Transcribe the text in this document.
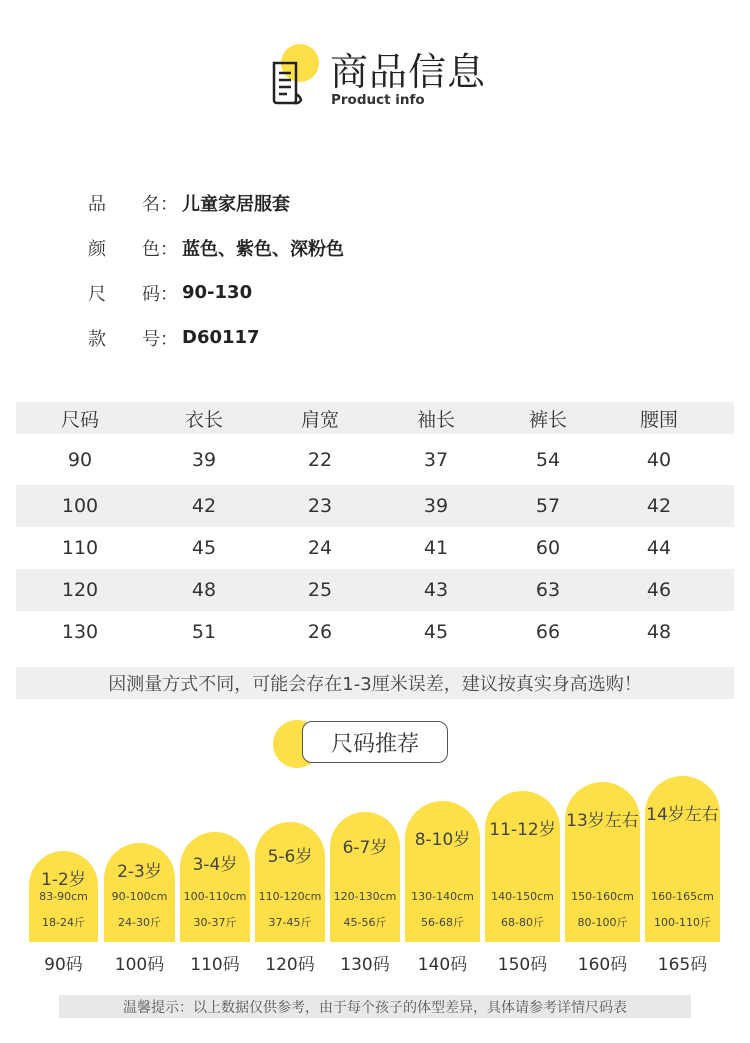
商品信息
Product info
品 名： 儿童家居服套
颜 色： 蓝色、紫色、深粉色
尺 码： 90-130
款 号： D60117
尺码	衣长	肩宽	袖长	裤长	腰围
90	39	22	37	54	40
100	42	23	39	57	42
110	45	24	41	60	44
120	48	25	43	63	46
130	51	26	45	66	48
因测量方式不同，可能会存在1-3厘米误差，建议按真实身高选购！
尺码推荐
1-2岁	2-3岁	3-4岁	5-6岁	6-7岁	8-10岁	11-12岁 13岁左右 14岁左右
83-90cm	90-100cm	100-110cm	110-120cm	120-130cm	130-140cm	140-150cm	150-160cm	160-165cm
18-24斤	24-30斤	30-37斤	37-45斤	45-56斤	56-68斤	68-80斤	80-100斤	100-110斤
90码	100码	110码	120码	130码	140码	150码	160码	165码
温馨提示：以上数据仅供参考，由于每个孩子的体型差异，具体请参考详情尺码表
